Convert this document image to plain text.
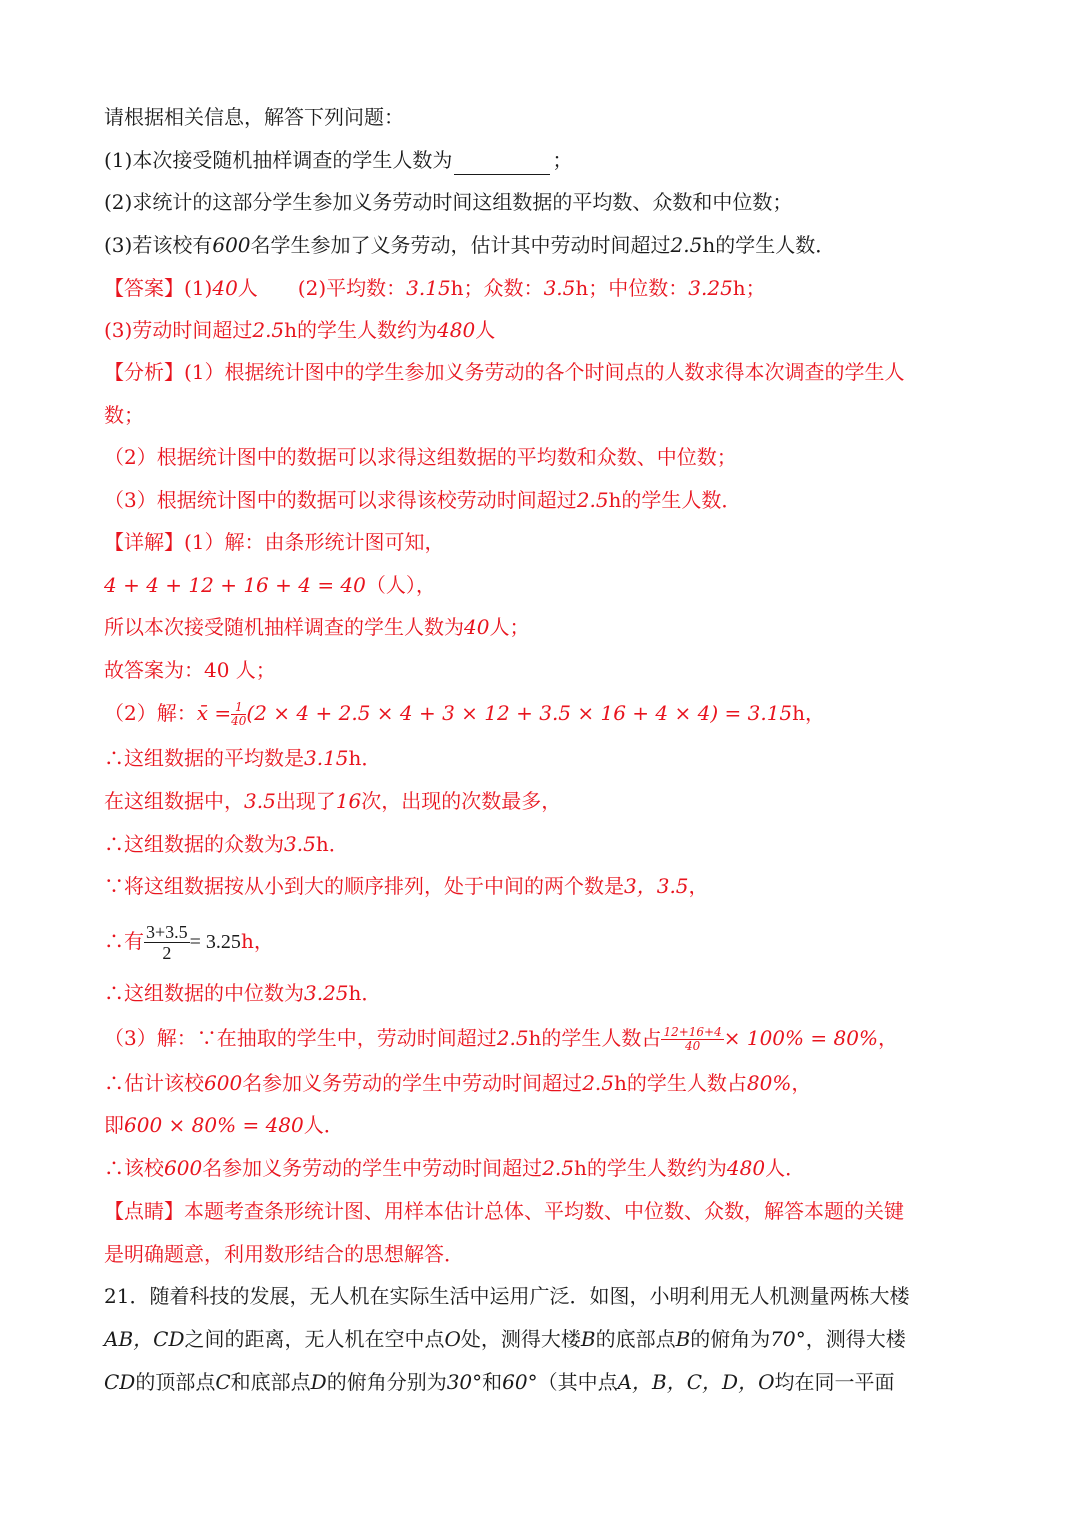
请根据相关信息，解答下列问题：
(1)本次接受随机抽样调查的学生人数为	；
(2)求统计的这部分学生参加义务劳动时间这组数据的平均数、众数和中位数；
(3)若该校有600名学生参加了义务劳动，估计其中劳动时间超过2.5h的学生人数．
【答案】(1)40人　　(2)平均数：3.15h；众数：3.5h；中位数：3.25h；
(3)劳动时间超过2.5h的学生人数约为480人
【分析】(1）根据统计图中的学生参加义务劳动的各个时间点的人数求得本次调查的学生人
数；
（2）根据统计图中的数据可以求得这组数据的平均数和众数、中位数；
（3）根据统计图中的数据可以求得该校劳动时间超过2.5h的学生人数．
【详解】(1）解：由条形统计图可知，
4 + 4 + 12 + 16 + 4 = 40（人），
所以本次接受随机抽样调查的学生人数为40人；
故答案为：40 人；
（2）解：x̄ = $\frac{1}{40} (2 \times 4 + 2.5 \times 4 + 3 \times 12 + 3.5 \times 16 + 4 \times 4) = 3.15h$，
∴这组数据的平均数是3.15h．
在这组数据中，3.5出现了16次，出现的次数最多，
∴这组数据的众数为3.5h．
∵将这组数据按从小到大的顺序排列，处于中间的两个数是3，3.5，
∴有 $\frac{3+3.5}{2} = 3.25h$，
∴这组数据的中位数为3.25h．
（3）解：∵在抽取的学生中，劳动时间超过2.5h的学生人数占 $\frac{12+16+4}{40} \times 100\% = 80\%$，
∴估计该校600名参加义务劳动的学生中劳动时间超过2.5h的学生人数占80%，
即600 × 80% = 480人．
∴该校600名参加义务劳动的学生中劳动时间超过2.5h的学生人数约为480人．
【点睛】本题考查条形统计图、用样本估计总体、平均数、中位数、众数，解答本题的关键
是明确题意，利用数形结合的思想解答．
21．随着科技的发展，无人机在实际生活中运用广泛．如图，小明利用无人机测量两栋大楼
AB，CD之间的距离，无人机在空中点O处，测得大楼B的底部点B的俯角为70°，测得大楼
CD的顶部点C和底部点D的俯角分别为30°和60°（其中点A，B，C，D，O均在同一平面
